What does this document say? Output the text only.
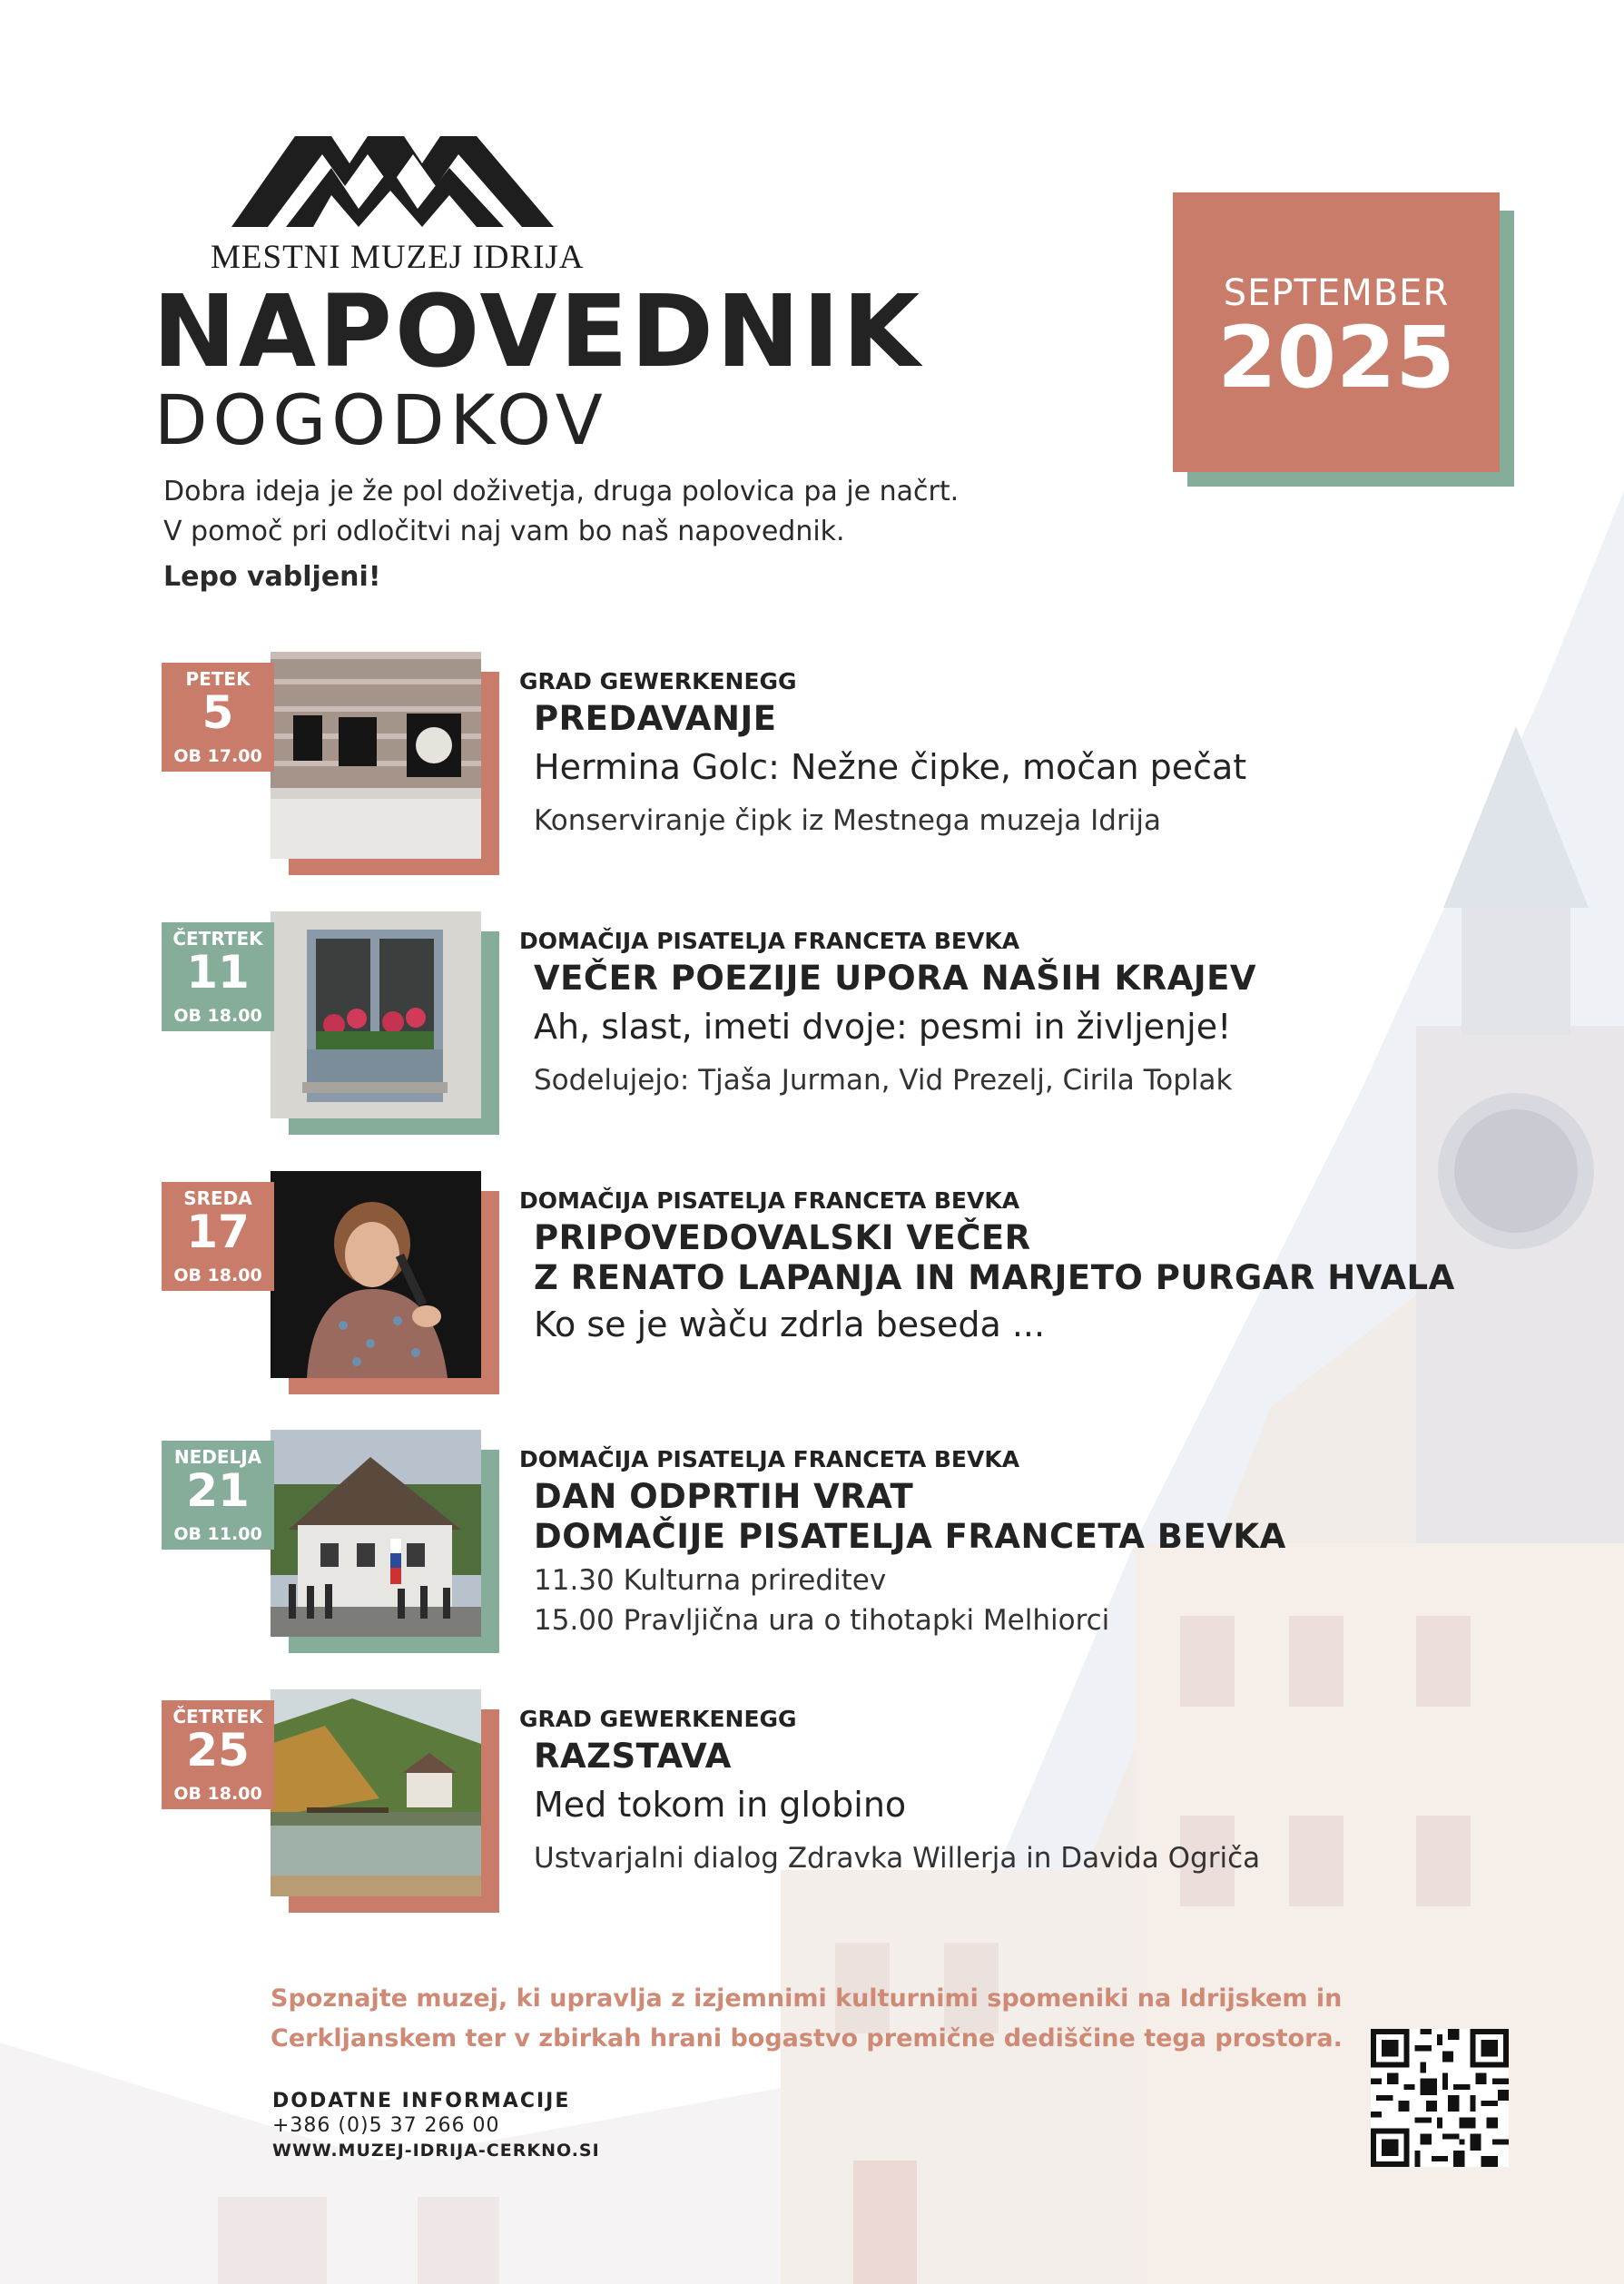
MESTNI MUZEJ IDRIJA
NAPOVEDNIK
DOGODKOV
Dobra ideja je že pol doživetja, druga polovica pa je načrt.
V pomoč pri odločitvi naj vam bo naš napovednik.
Lepo vabljeni!
SEPTEMBER
2025
PETEK
5
OB 17.00
GRAD GEWERKENEGG
PREDAVANJE
Hermina Golc: Nežne čipke, močan pečat
Konserviranje čipk iz Mestnega muzeja Idrija
ČETRTEK
11
OB 18.00
DOMAČIJA PISATELJA FRANCETA BEVKA
VEČER POEZIJE UPORA NAŠIH KRAJEV
Ah, slast, imeti dvoje: pesmi in življenje!
Sodelujejo: Tjaša Jurman, Vid Prezelj, Cirila Toplak
SREDA
17
OB 18.00
DOMAČIJA PISATELJA FRANCETA BEVKA
PRIPOVEDOVALSKI VEČER
Z RENATO LAPANJA IN MARJETO PURGAR HVALA
Ko se je wàču zdrla beseda ...
NEDELJA
21
OB 11.00
DOMAČIJA PISATELJA FRANCETA BEVKA
DAN ODPRTIH VRAT
DOMAČIJE PISATELJA FRANCETA BEVKA
11.30 Kulturna prireditev
15.00 Pravljična ura o tihotapki Melhiorci
ČETRTEK
25
OB 18.00
GRAD GEWERKENEGG
RAZSTAVA
Med tokom in globino
Ustvarjalni dialog Zdravka Willerja in Davida Ogriča
Spoznajte muzej, ki upravlja z izjemnimi kulturnimi spomeniki na Idrijskem in
Cerkljanskem ter v zbirkah hrani bogastvo premične dediščine tega prostora.
DODATNE INFORMACIJE
+386 (0)5 37 266 00
WWW.MUZEJ-IDRIJA-CERKNO.SI
